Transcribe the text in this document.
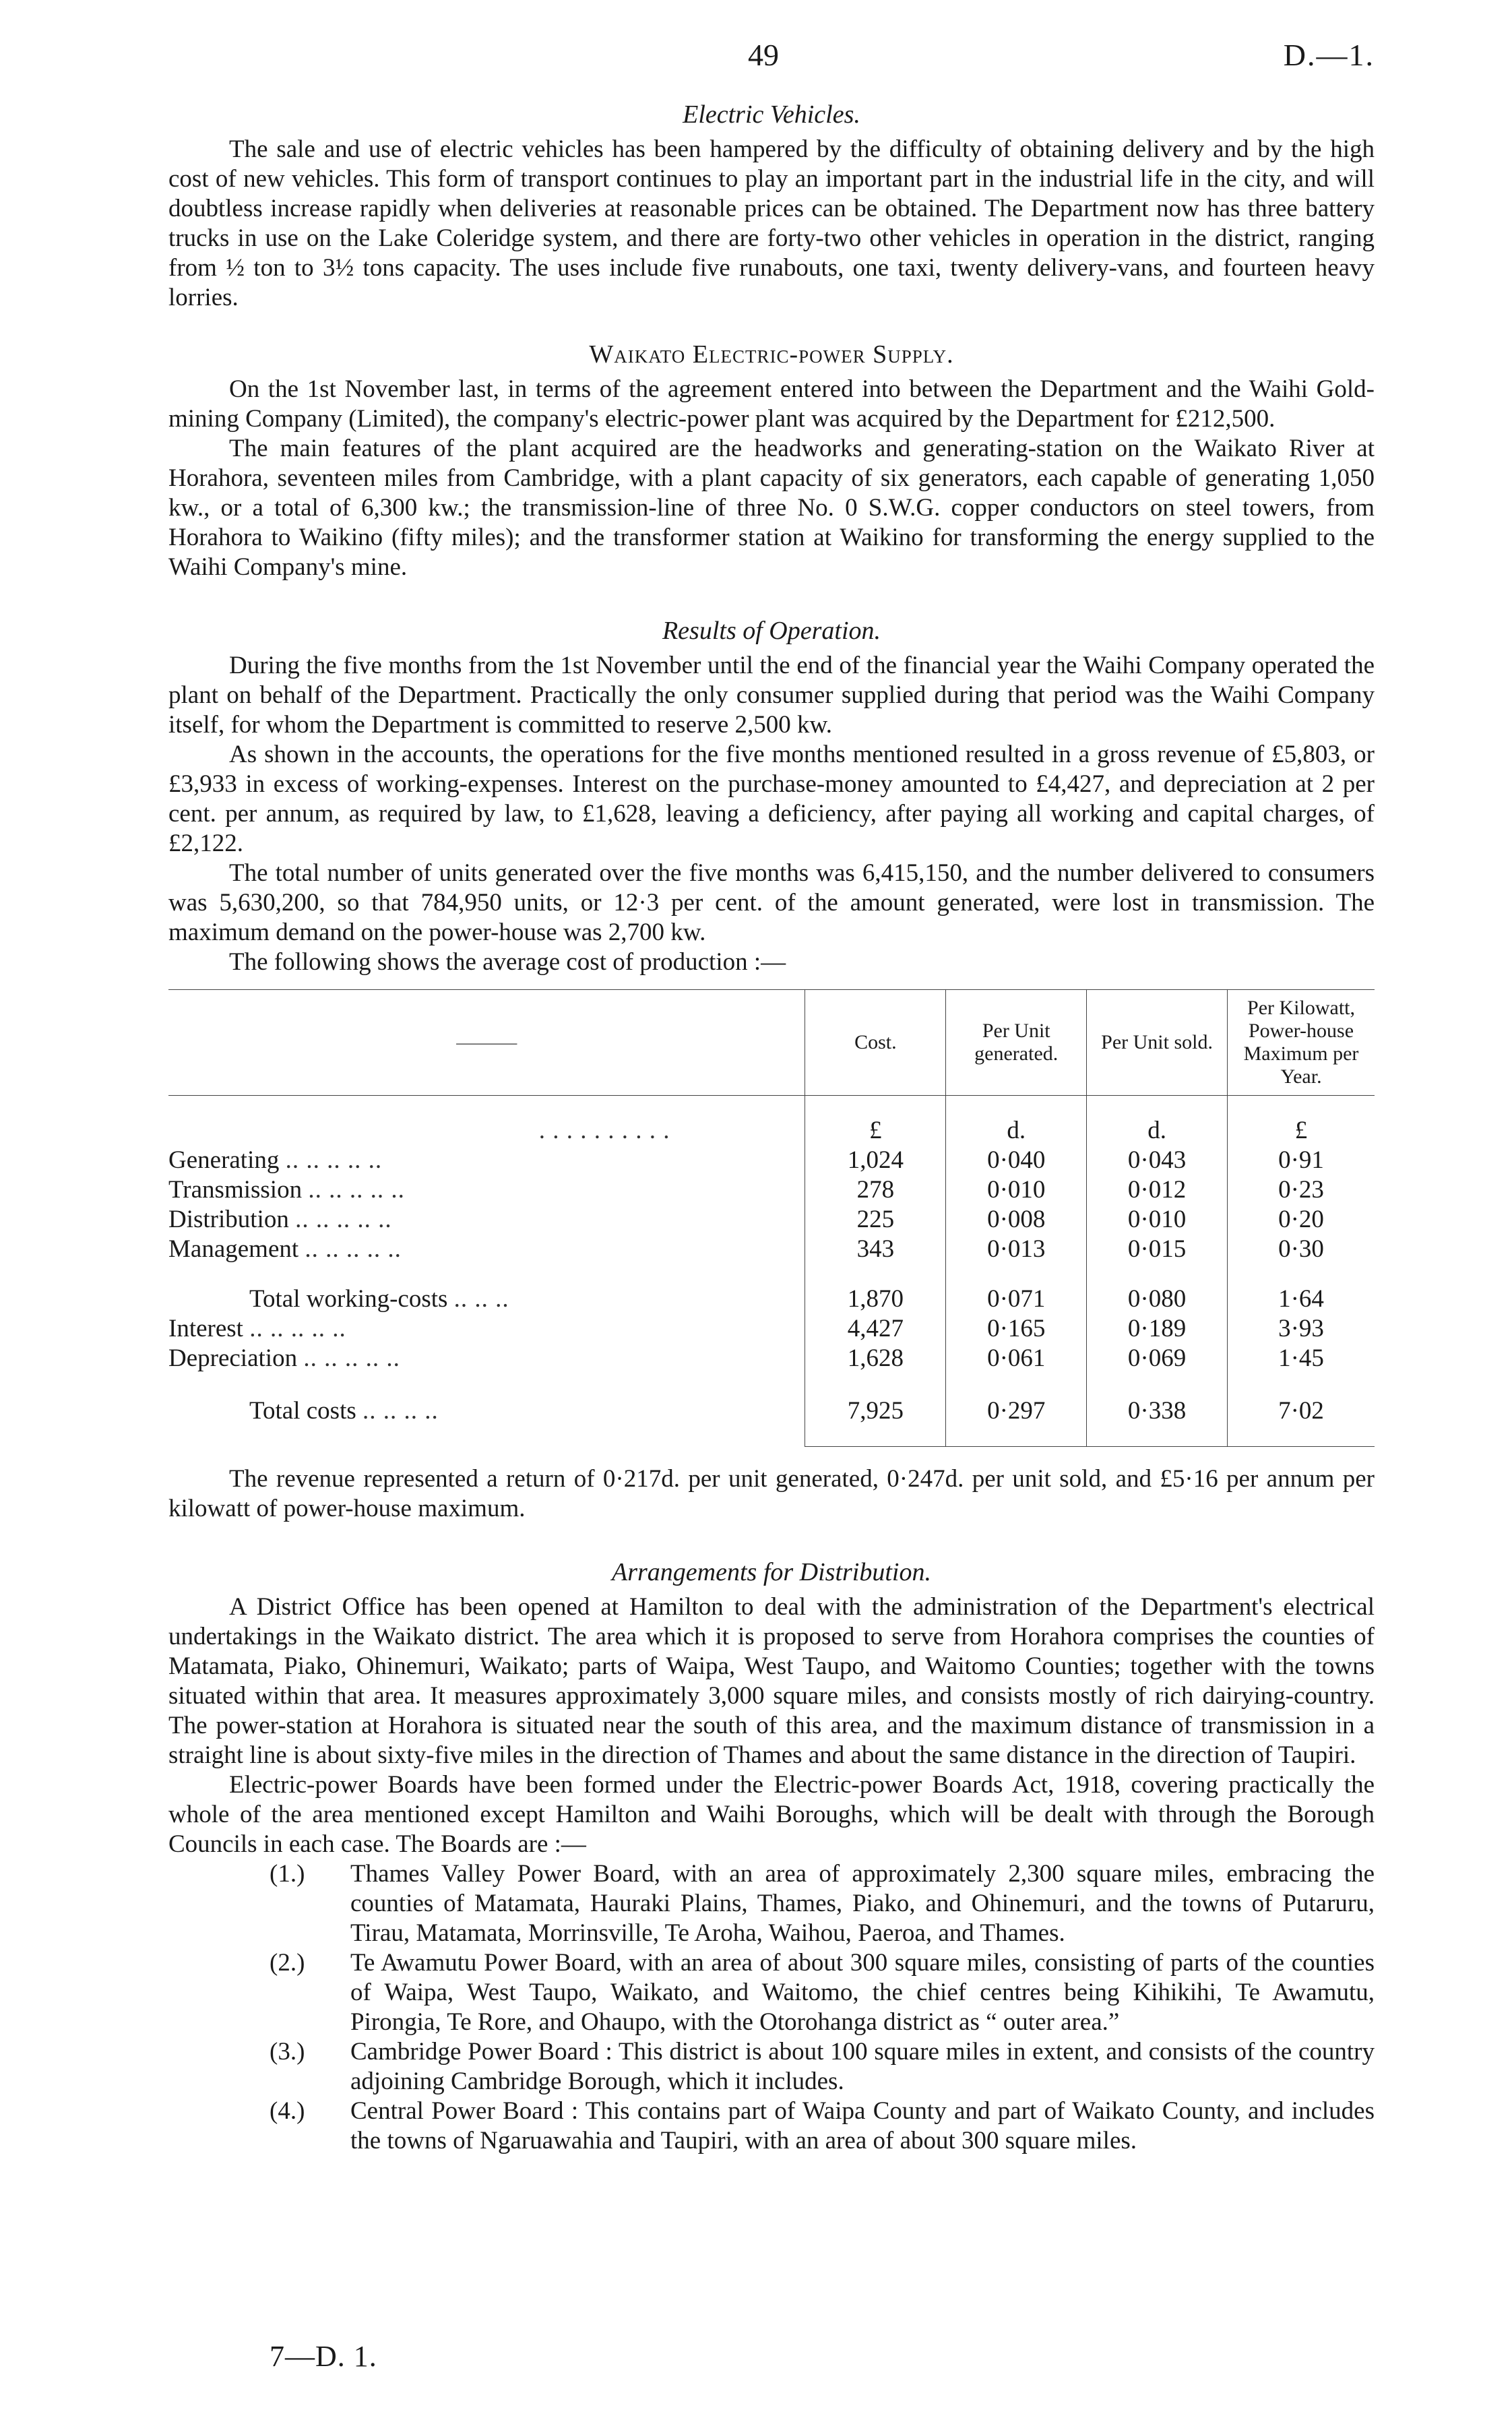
49	D.—1.
Electric Vehicles.

The sale and use of electric vehicles has been hampered by the difficulty of obtaining delivery and by the high cost of new vehicles. This form of transport continues to play an important part in the industrial life in the city, and will doubtless increase rapidly when deliveries at reasonable prices can be obtained. The Department now has three battery trucks in use on the Lake Coleridge system, and there are forty-two other vehicles in operation in the district, ranging from ½ ton to 3½ tons capacity. The uses include five runabouts, one taxi, twenty delivery-vans, and fourteen heavy lorries.

Waikato Electric-power Supply.

On the 1st November last, in terms of the agreement entered into between the Department and the Waihi Gold-mining Company (Limited), the company's electric-power plant was acquired by the Department for £212,500.

The main features of the plant acquired are the headworks and generating-station on the Waikato River at Horahora, seventeen miles from Cambridge, with a plant capacity of six generators, each capable of generating 1,050 kw., or a total of 6,300 kw.; the transmission-line of three No. 0 S.W.G. copper conductors on steel towers, from Horahora to Waikino (fifty miles); and the transformer station at Waikino for transforming the energy supplied to the Waihi Company's mine.

Results of Operation.

During the five months from the 1st November until the end of the financial year the Waihi Company operated the plant on behalf of the Department. Practically the only consumer supplied during that period was the Waihi Company itself, for whom the Department is committed to reserve 2,500 kw.

As shown in the accounts, the operations for the five months mentioned resulted in a gross revenue of £5,803, or £3,933 in excess of working-expenses. Interest on the purchase-money amounted to £4,427, and depreciation at 2 per cent. per annum, as required by law, to £1,628, leaving a deficiency, after paying all working and capital charges, of £2,122.

The total number of units generated over the five months was 6,415,150, and the number delivered to consumers was 5,630,200, so that 784,950 units, or 12·3 per cent. of the amount generated, were lost in transmission. The maximum demand on the power-house was 2,700 kw.

The following shows the average cost of production :—

———	Cost.	Per Unit generated.	Per Unit sold.	Per Kilowatt, Power-house Maximum per Year.
. . . . . . . . . .	£	d.	d.	£
Generating .. .. .. .. ..	1,024	0·040	0·043	0·91
Transmission .. .. .. .. ..	278	0·010	0·012	0·23
Distribution .. .. .. .. ..	225	0·008	0·010	0·20
Management .. .. .. .. ..	343	0·013	0·015	0·30

Total working-costs .. .. ..	1,870	0·071	0·080	1·64
Interest .. .. .. .. ..	4,427	0·165	0·189	3·93
Depreciation .. .. .. .. ..	1,628	0·061	0·069	1·45

Total costs .. .. .. ..	7,925	0·297	0·338	7·02

The revenue represented a return of 0·217d. per unit generated, 0·247d. per unit sold, and £5·16 per annum per kilowatt of power-house maximum.

Arrangements for Distribution.

A District Office has been opened at Hamilton to deal with the administration of the Department's electrical undertakings in the Waikato district. The area which it is proposed to serve from Horahora comprises the counties of Matamata, Piako, Ohinemuri, Waikato; parts of Waipa, West Taupo, and Waitomo Counties; together with the towns situated within that area. It measures approximately 3,000 square miles, and consists mostly of rich dairying-country. The power-station at Horahora is situated near the south of this area, and the maximum distance of transmission in a straight line is about sixty-five miles in the direction of Thames and about the same distance in the direction of Taupiri.

Electric-power Boards have been formed under the Electric-power Boards Act, 1918, covering practically the whole of the area mentioned except Hamilton and Waihi Boroughs, which will be dealt with through the Borough Councils in each case. The Boards are :—

(1.) Thames Valley Power Board, with an area of approximately 2,300 square miles, embracing the counties of Matamata, Hauraki Plains, Thames, Piako, and Ohinemuri, and the towns of Putaruru, Tirau, Matamata, Morrinsville, Te Aroha, Waihou, Paeroa, and Thames.
(2.) Te Awamutu Power Board, with an area of about 300 square miles, consisting of parts of the counties of Waipa, West Taupo, Waikato, and Waitomo, the chief centres being Kihikihi, Te Awamutu, Pirongia, Te Rore, and Ohaupo, with the Otorohanga district as “ outer area.”
(3.) Cambridge Power Board : This district is about 100 square miles in extent, and consists of the country adjoining Cambridge Borough, which it includes.
(4.) Central Power Board : This contains part of Waipa County and part of Waikato County, and includes the towns of Ngaruawahia and Taupiri, with an area of about 300 square miles.
7—D. 1.
